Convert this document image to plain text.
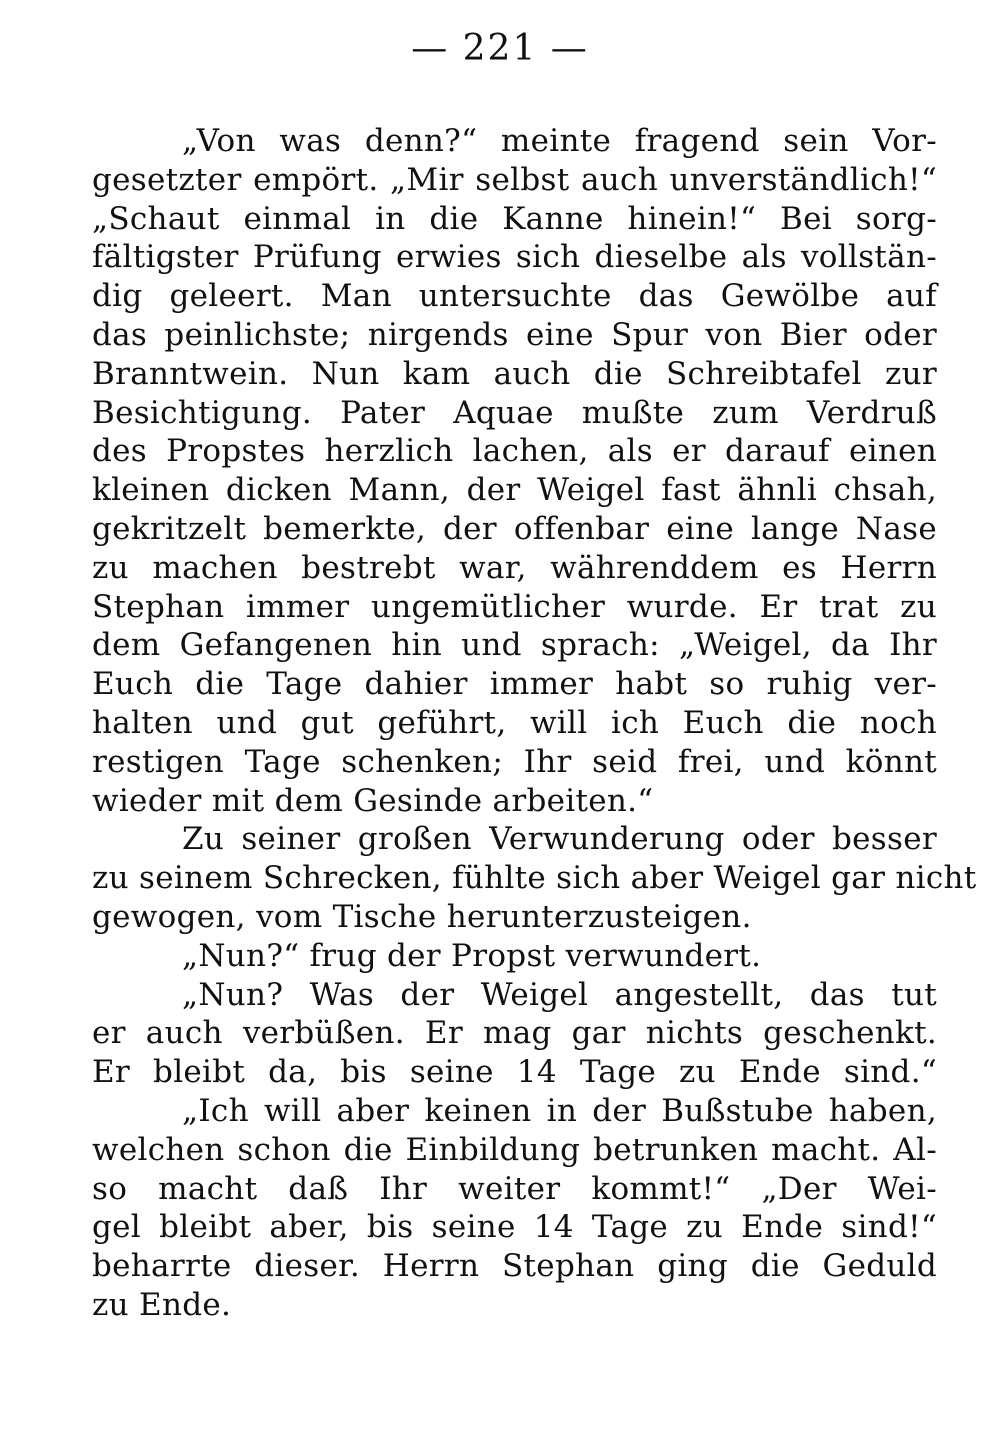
— 221 —
„Von was denn?“ meinte fragend sein Vor-
gesetzter empört. „Mir selbst auch unverständlich!“
„Schaut einmal in die Kanne hinein!“ Bei sorg-
fältigster Prüfung erwies sich dieselbe als vollstän-
dig geleert. Man untersuchte das Gewölbe auf
das peinlichste; nirgends eine Spur von Bier oder
Branntwein. Nun kam auch die Schreibtafel zur
Besichtigung. Pater Aquae mußte zum Verdruß
des Propstes herzlich lachen, als er darauf einen
kleinen dicken Mann, der Weigel fast ähnli chsah,
gekritzelt bemerkte, der offenbar eine lange Nase
zu machen bestrebt war, währenddem es Herrn
Stephan immer ungemütlicher wurde. Er trat zu
dem Gefangenen hin und sprach: „Weigel, da Ihr
Euch die Tage dahier immer habt so ruhig ver-
halten und gut geführt, will ich Euch die noch
restigen Tage schenken; Ihr seid frei, und könnt
wieder mit dem Gesinde arbeiten.“
Zu seiner großen Verwunderung oder besser
zu seinem Schrecken, fühlte sich aber Weigel gar nicht
gewogen, vom Tische herunterzusteigen.
„Nun?“ frug der Propst verwundert.
„Nun? Was der Weigel angestellt, das tut
er auch verbüßen. Er mag gar nichts geschenkt.
Er bleibt da, bis seine 14 Tage zu Ende sind.“
„Ich will aber keinen in der Bußstube haben,
welchen schon die Einbildung betrunken macht. Al-
so macht daß Ihr weiter kommt!“ „Der Wei-
gel bleibt aber, bis seine 14 Tage zu Ende sind!“
beharrte dieser. Herrn Stephan ging die Geduld
zu Ende.
